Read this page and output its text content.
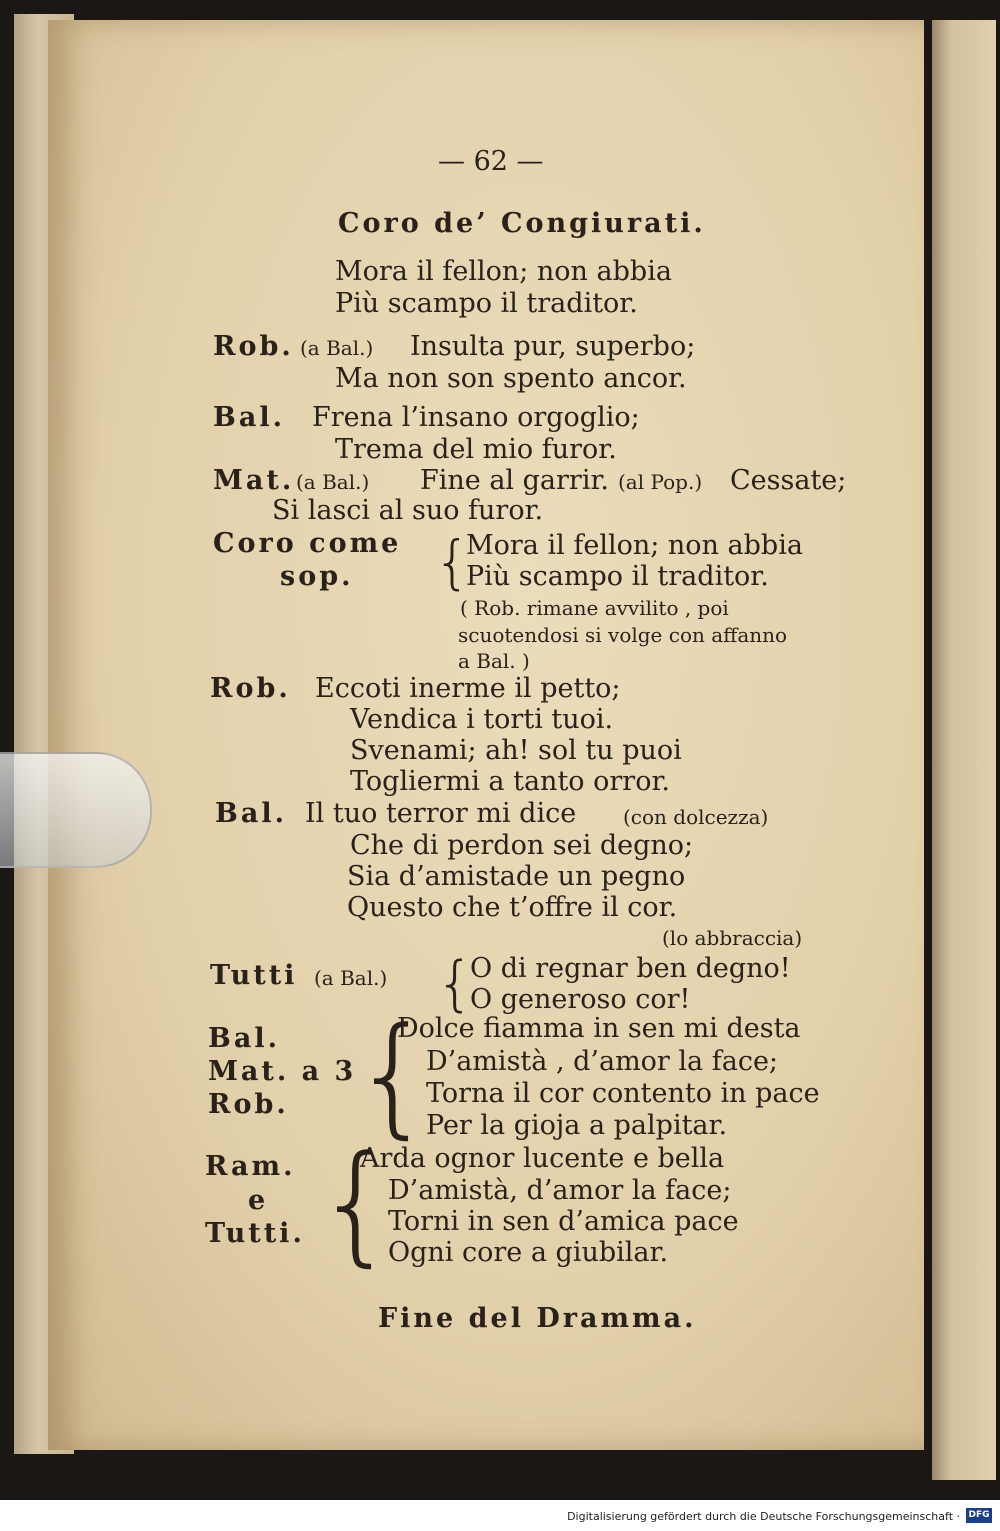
— 62 —
Coro de’ Congiurati.
Mora il fellon; non abbia
Più scampo il traditor.
Rob. (a Bal.) Insulta pur, superbo;
Ma non son spento ancor.
Bal. Frena l’insano orgoglio;
Trema del mio furor.
Mat. (a Bal.) Fine al garrir. (al Pop.) Cessate;
Si lasci al suo furor.
Coro come
sop. {
Mora il fellon; non abbia
Più scampo il traditor.
( Rob. rimane avvilito , poi
scuotendosi si volge con affanno
a Bal. )
Rob. Eccoti inerme il petto;
Vendica i torti tuoi.
Svenami; ah! sol tu puoi
Togliermi a tanto orror.
Bal. Il tuo terror mi dice (con dolcezza)
Che di perdon sei degno;
Sia d’amistade un pegno
Questo che t’offre il cor.
(lo abbraccia)
Tutti (a Bal.) {
O di regnar ben degno!
O generoso cor!
Bal.
Mat. a 3
Rob. {
Dolce fiamma in sen mi desta
D’amistà , d’amor la face;
Torna il cor contento in pace
Per la gioja a palpitar.
Ram.
e
Tutti. {
Arda ognor lucente e bella
D’amistà, d’amor la face;
Torni in sen d’amica pace
Ogni core a giubilar.
Fine del Dramma.
Digitalisierung gefördert durch die Deutsche Forschungsgemeinschaft · DFG
